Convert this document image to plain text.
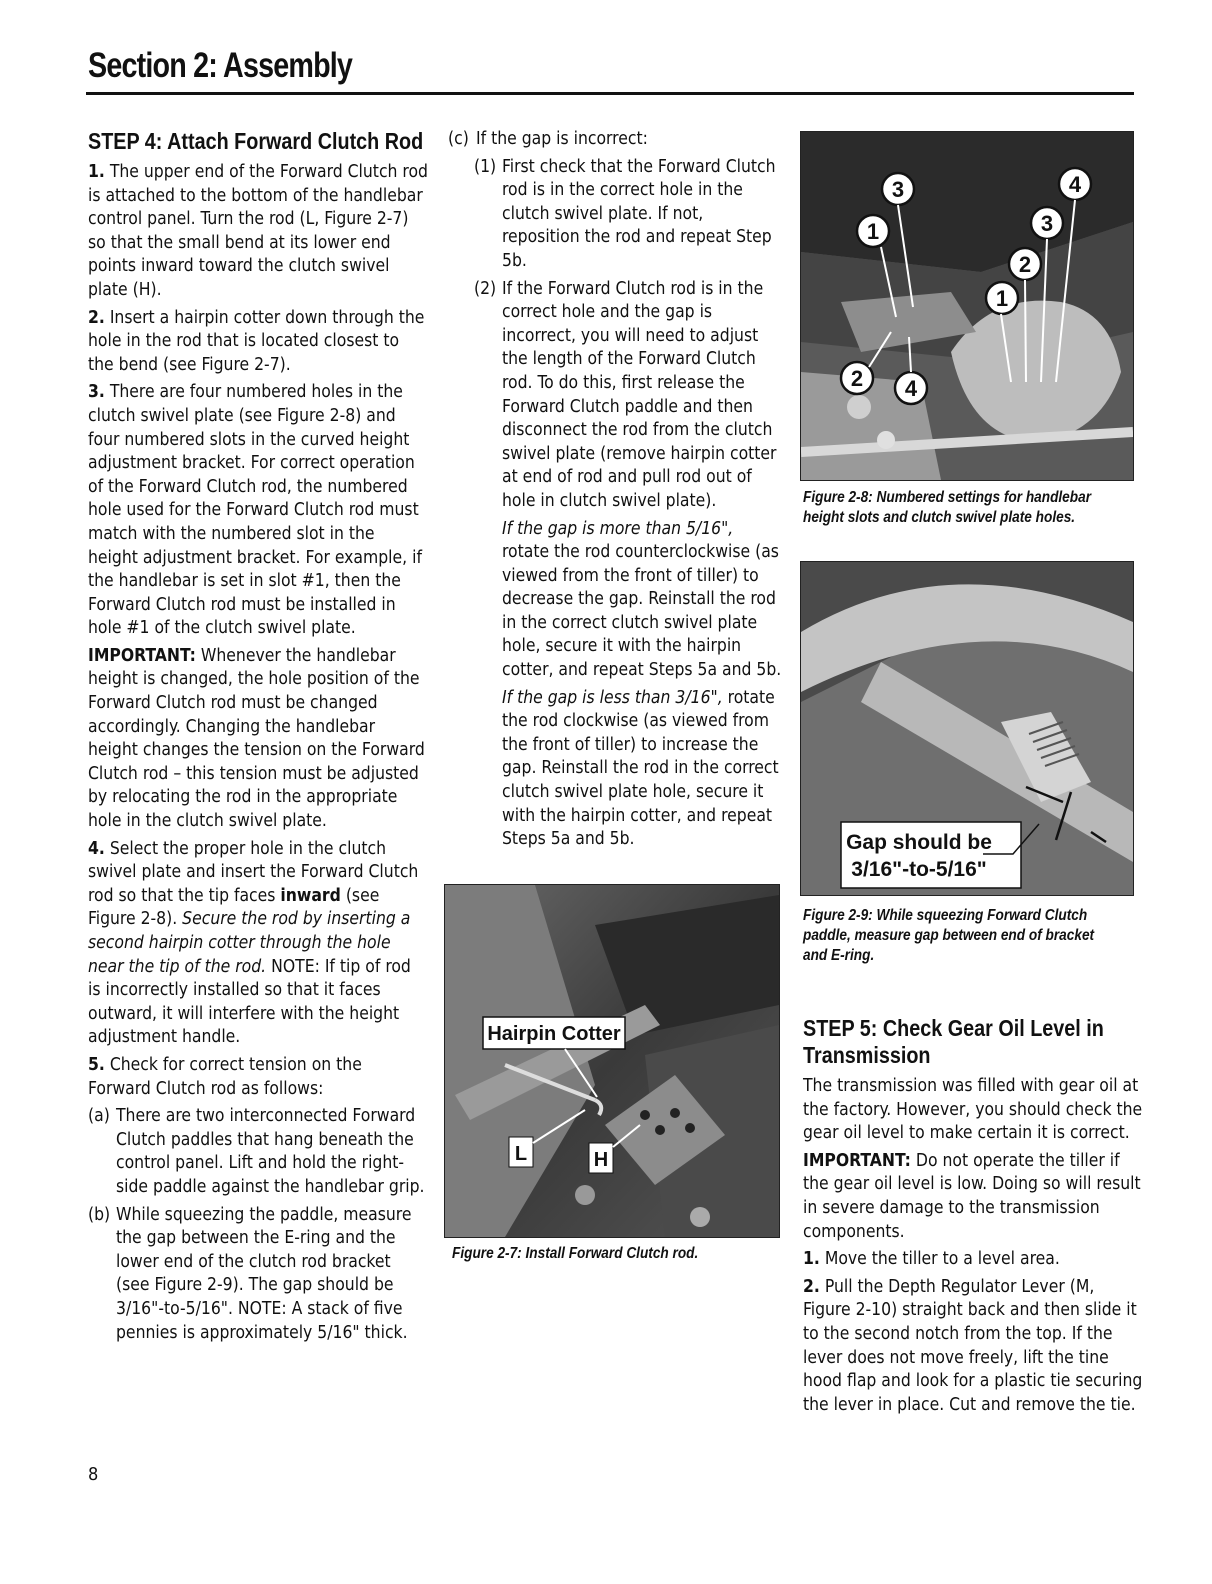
Section 2: Assembly
STEP 4: Attach Forward Clutch Rod

1. The upper end of the Forward Clutch rod is attached to the bottom of the handlebar control panel. Turn the rod (L, Figure 2-7) so that the small bend at its lower end points inward toward the clutch swivel plate (H).

2. Insert a hairpin cotter down through the hole in the rod that is located closest to the bend (see Figure 2-7).

3. There are four numbered holes in the clutch swivel plate (see Figure 2-8) and four numbered slots in the curved height adjustment bracket. For correct operation of the Forward Clutch rod, the numbered hole used for the Forward Clutch rod must match with the numbered slot in the height adjustment bracket. For example, if the handlebar is set in slot #1, then the Forward Clutch rod must be installed in hole #1 of the clutch swivel plate.

IMPORTANT: Whenever the handlebar height is changed, the hole position of the Forward Clutch rod must be changed accordingly. Changing the handlebar height changes the tension on the Forward Clutch rod – this tension must be adjusted by relocating the rod in the appropriate hole in the clutch swivel plate.

4. Select the proper hole in the clutch swivel plate and insert the Forward Clutch rod so that the tip faces inward (see Figure 2-8). Secure the rod by inserting a second hairpin cotter through the hole near the tip of the rod. NOTE: If tip of rod is incorrectly installed so that it faces outward, it will interfere with the height adjustment handle.

5. Check for correct tension on the Forward Clutch rod as follows:

(a) There are two interconnected Forward Clutch paddles that hang beneath the control panel. Lift and hold the right-side paddle against the handlebar grip.
(b) While squeezing the paddle, measure the gap between the E-ring and the lower end of the clutch rod bracket (see Figure 2-9). The gap should be 3/16"-to-5/16". NOTE: A stack of five pennies is approximately 5/16" thick.
(c) If the gap is incorrect:
(1) First check that the Forward Clutch rod is in the correct hole in the clutch swivel plate. If not, reposition the rod and repeat Step 5b.
(2) If the Forward Clutch rod is in the correct hole and the gap is incorrect, you will need to adjust the length of the Forward Clutch rod. To do this, first release the Forward Clutch paddle and then disconnect the rod from the clutch swivel plate (remove hairpin cotter at end of rod and pull rod out of hole in clutch swivel plate).

If the gap is more than 5/16", rotate the rod counterclockwise (as viewed from the front of tiller) to decrease the gap. Reinstall the rod in the correct clutch swivel plate hole, secure it with the hairpin cotter, and repeat Steps 5a and 5b.

If the gap is less than 3/16", rotate the rod clockwise (as viewed from the front of tiller) to increase the gap. Reinstall the rod in the correct clutch swivel plate hole, secure it with the hairpin cotter, and repeat Steps 5a and 5b.

Hairpin Cotter
L	H
Figure 2-7: Install Forward Clutch rod.
3	4
1	3
2
1
2 4
Figure 2-8: Numbered settings for handlebar height slots and clutch swivel plate holes.
Gap should be
3/16"-to-5/16"
Figure 2-9: While squeezing Forward Clutch paddle, measure gap between end of bracket and E-ring.
STEP 5: Check Gear Oil Level in Transmission

The transmission was filled with gear oil at the factory. However, you should check the gear oil level to make certain it is correct.

IMPORTANT: Do not operate the tiller if the gear oil level is low. Doing so will result in severe damage to the transmission components.

1. Move the tiller to a level area.

2. Pull the Depth Regulator Lever (M, Figure 2-10) straight back and then slide it to the second notch from the top. If the lever does not move freely, lift the tine hood flap and look for a plastic tie securing the lever in place. Cut and remove the tie.

8
